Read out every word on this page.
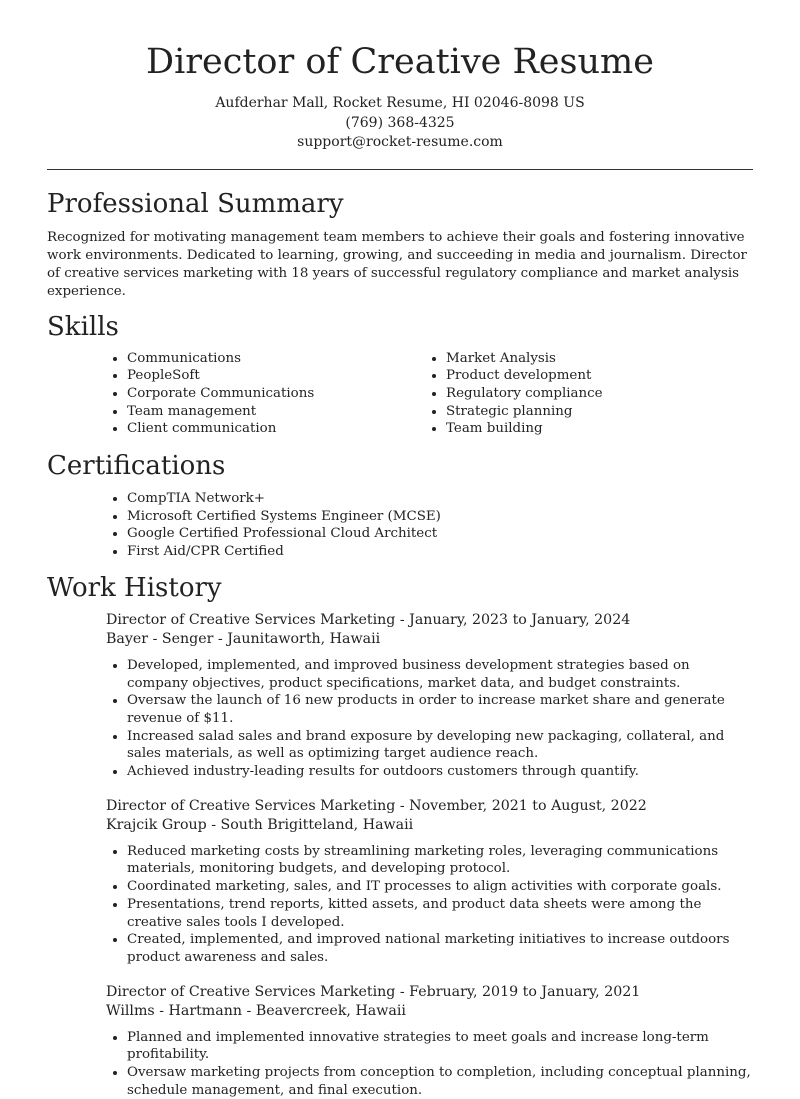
Director of Creative Resume
Aufderhar Mall, Rocket Resume, HI 02046-8098 US
(769) 368-4325
support@rocket-resume.com
Professional Summary

Recognized for motivating management team members to achieve their goals and fostering innovative work environments. Dedicated to learning, growing, and succeeding in media and journalism. Director of creative services marketing with 18 years of successful regulatory compliance and market analysis experience.

Skills
• Communications
• PeopleSoft
• Corporate Communications
• Team management
• Client communication
• Market Analysis
• Product development
• Regulatory compliance
• Strategic planning
• Team building
Certifications
• CompTIA Network+
• Microsoft Certified Systems Engineer (MCSE)
• Google Certified Professional Cloud Architect
• First Aid/CPR Certified
Work History
Director of Creative Services Marketing - January, 2023 to January, 2024
Bayer - Senger - Jaunitaworth, Hawaii
• Developed, implemented, and improved business development strategies based on company objectives, product specifications, market data, and budget constraints.
• Oversaw the launch of 16 new products in order to increase market share and generate revenue of $11.
• Increased salad sales and brand exposure by developing new packaging, collateral, and sales materials, as well as optimizing target audience reach.
• Achieved industry-leading results for outdoors customers through quantify.
Director of Creative Services Marketing - November, 2021 to August, 2022
Krajcik Group - South Brigitteland, Hawaii
• Reduced marketing costs by streamlining marketing roles, leveraging communications materials, monitoring budgets, and developing protocol.
• Coordinated marketing, sales, and IT processes to align activities with corporate goals.
• Presentations, trend reports, kitted assets, and product data sheets were among the creative sales tools I developed.
• Created, implemented, and improved national marketing initiatives to increase outdoors product awareness and sales.
Director of Creative Services Marketing - February, 2019 to January, 2021
Willms - Hartmann - Beavercreek, Hawaii
• Planned and implemented innovative strategies to meet goals and increase long-term profitability.
• Oversaw marketing projects from conception to completion, including conceptual planning, schedule management, and final execution.
